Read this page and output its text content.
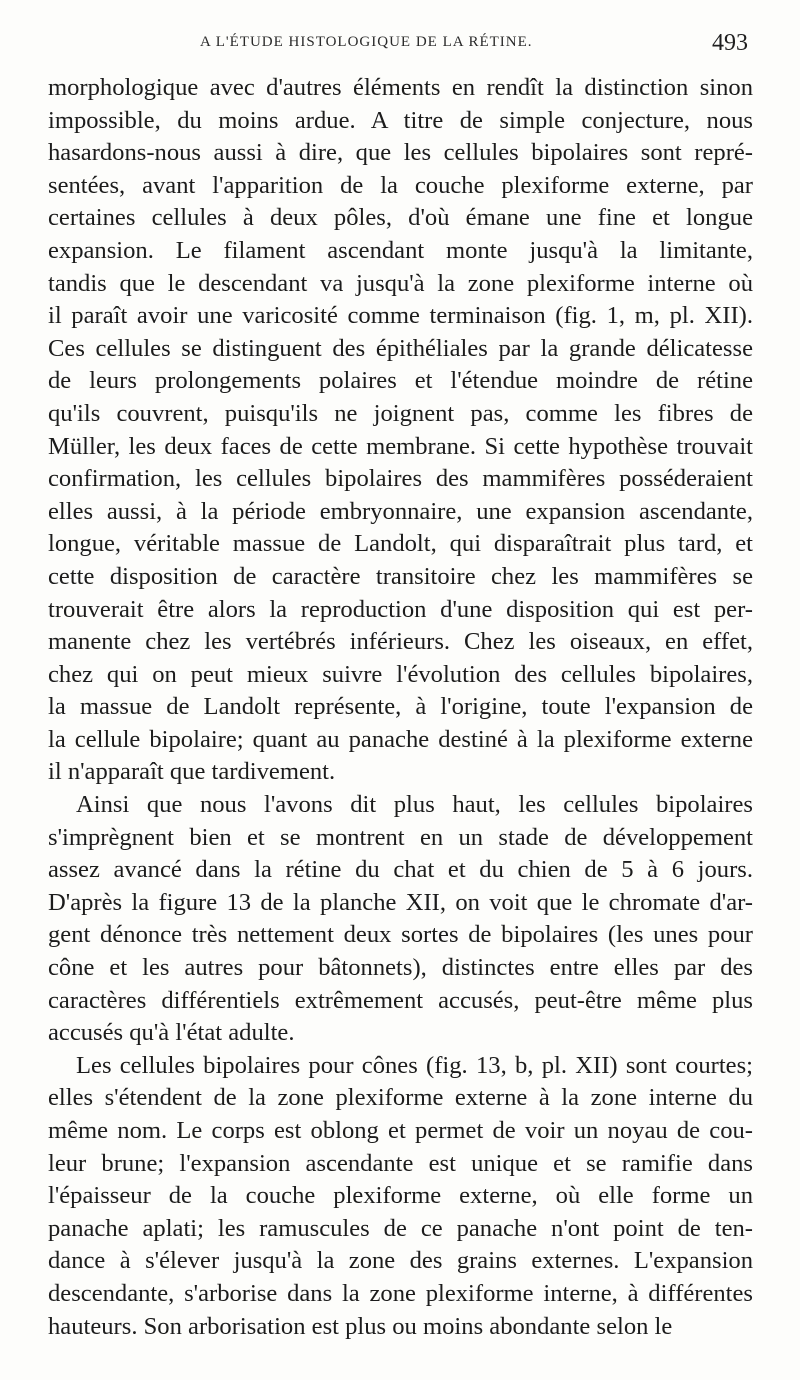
A L'ÉTUDE HISTOLOGIQUE DE LA RÉTINE.	493
morphologique avec d'autres éléments en rendît la distinction sinon
impossible, du moins ardue. A titre de simple conjecture, nous
hasardons-nous aussi à dire, que les cellules bipolaires sont repré-
sentées, avant l'apparition de la couche plexiforme externe, par
certaines cellules à deux pôles, d'où émane une fine et longue
expansion. Le filament ascendant monte jusqu'à la limitante,
tandis que le descendant va jusqu'à la zone plexiforme interne où
il paraît avoir une varicosité comme terminaison (fig. 1, m, pl. XII).
Ces cellules se distinguent des épithéliales par la grande délicatesse
de leurs prolongements polaires et l'étendue moindre de rétine
qu'ils couvrent, puisqu'ils ne joignent pas, comme les fibres de
Müller, les deux faces de cette membrane. Si cette hypothèse trouvait
confirmation, les cellules bipolaires des mammifères posséderaient
elles aussi, à la période embryonnaire, une expansion ascendante,
longue, véritable massue de Landolt, qui disparaîtrait plus tard, et
cette disposition de caractère transitoire chez les mammifères se
trouverait être alors la reproduction d'une disposition qui est per-
manente chez les vertébrés inférieurs. Chez les oiseaux, en effet,
chez qui on peut mieux suivre l'évolution des cellules bipolaires,
la massue de Landolt représente, à l'origine, toute l'expansion de
la cellule bipolaire; quant au panache destiné à la plexiforme externe
il n'apparaît que tardivement.
Ainsi que nous l'avons dit plus haut, les cellules bipolaires
s'imprègnent bien et se montrent en un stade de développement
assez avancé dans la rétine du chat et du chien de 5 à 6 jours.
D'après la figure 13 de la planche XII, on voit que le chromate d'ar-
gent dénonce très nettement deux sortes de bipolaires (les unes pour
cône et les autres pour bâtonnets), distinctes entre elles par des
caractères différentiels extrêmement accusés, peut-être même plus
accusés qu'à l'état adulte.
Les cellules bipolaires pour cônes (fig. 13, b, pl. XII) sont courtes;
elles s'étendent de la zone plexiforme externe à la zone interne du
même nom. Le corps est oblong et permet de voir un noyau de cou-
leur brune; l'expansion ascendante est unique et se ramifie dans
l'épaisseur de la couche plexiforme externe, où elle forme un
panache aplati; les ramuscules de ce panache n'ont point de ten-
dance à s'élever jusqu'à la zone des grains externes. L'expansion
descendante, s'arborise dans la zone plexiforme interne, à différentes
hauteurs. Son arborisation est plus ou moins abondante selon le
